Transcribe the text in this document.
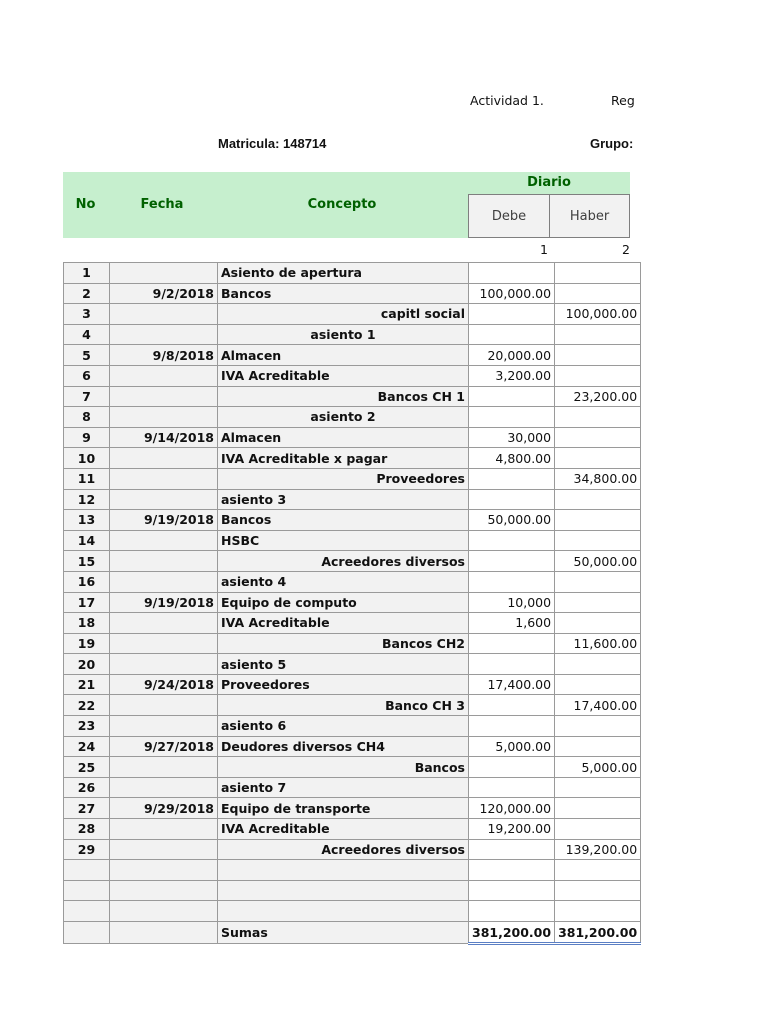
Actividad 1.	Reg
Matricula: 148714	Grupo:
No	Fecha	Concepto
Diario
Debe	Haber
1	2
1		Asiento de apertura		
2	9/2/2018	Bancos	100,000.00	
3		capitl social		100,000.00
4		asiento 1		
5	9/8/2018	Almacen	20,000.00	
6		IVA Acreditable	3,200.00	
7		Bancos CH 1		23,200.00
8		asiento 2		
9	9/14/2018	Almacen	30,000	
10		IVA Acreditable x pagar	4,800.00	
11		Proveedores		34,800.00
12		asiento 3		
13	9/19/2018	Bancos	50,000.00	
14		HSBC		
15		Acreedores diversos		50,000.00
16		asiento 4		
17	9/19/2018	Equipo de computo	10,000	
18		IVA Acreditable	1,600	
19		Bancos CH2		11,600.00
20		asiento 5		
21	9/24/2018	Proveedores	17,400.00	
22		Banco CH 3		17,400.00
23		asiento 6		
24	9/27/2018	Deudores diversos CH4	5,000.00	
25		Bancos		5,000.00
26		asiento 7		
27	9/29/2018	Equipo de transporte	120,000.00	
28		IVA Acreditable	19,200.00	
29		Acreedores diversos		139,200.00

		Sumas	381,200.00	381,200.00
